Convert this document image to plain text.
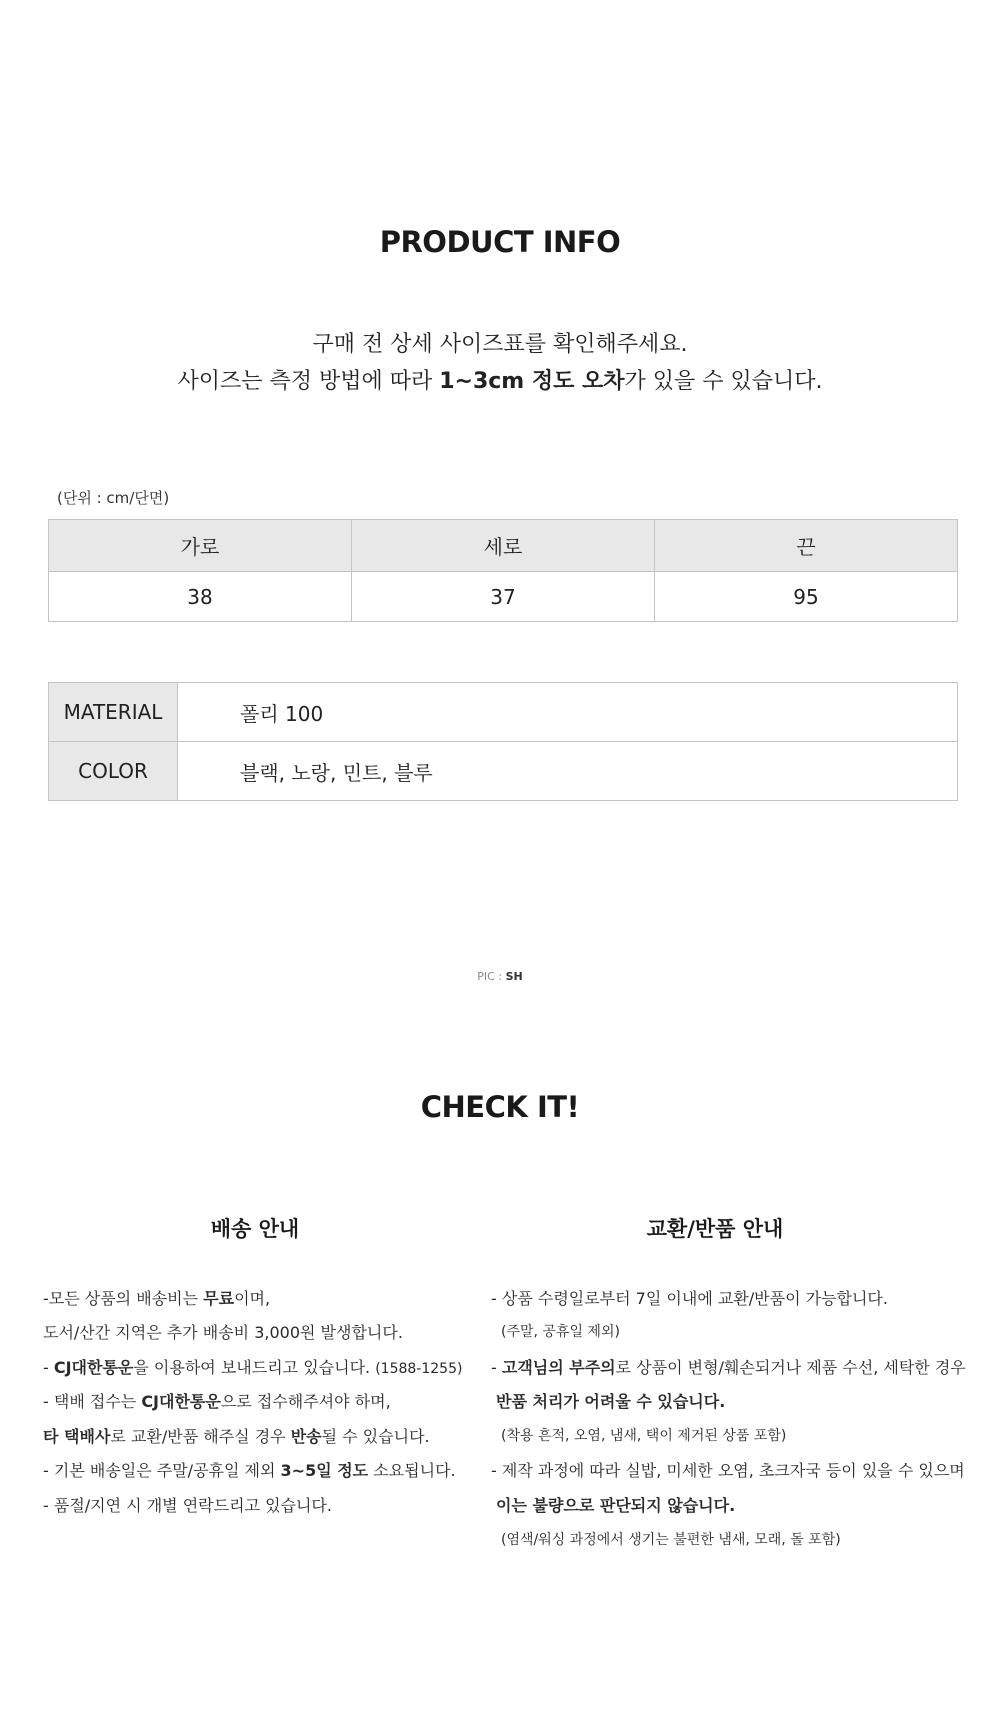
PRODUCT INFO
구매 전 상세 사이즈표를 확인해주세요.
사이즈는 측정 방법에 따라 1~3cm 정도 오차가 있을 수 있습니다.
(단위 : cm/단면)
가로	세로	끈
38	37	95
MATERIAL	폴리 100
COLOR	블랙, 노랑, 민트, 블루
PIC : SH
CHECK IT!
배송 안내	교환/반품 안내
-모든 상품의 배송비는 무료이며,
도서/산간 지역은 추가 배송비 3,000원 발생합니다.
- CJ대한통운을 이용하여 보내드리고 있습니다. (1588-1255)
- 택배 접수는 CJ대한통운으로 접수해주셔야 하며,
타 택배사로 교환/반품 해주실 경우 반송될 수 있습니다.
- 기본 배송일은 주말/공휴일 제외 3~5일 정도 소요됩니다.
- 품절/지연 시 개별 연락드리고 있습니다.
- 상품 수령일로부터 7일 이내에 교환/반품이 가능합니다.
(주말, 공휴일 제외)
- 고객님의 부주의로 상품이 변형/훼손되거나 제품 수선, 세탁한 경우
반품 처리가 어려울 수 있습니다.
(착용 흔적, 오염, 냄새, 택이 제거된 상품 포함)
- 제작 과정에 따라 실밥, 미세한 오염, 초크자국 등이 있을 수 있으며
이는 불량으로 판단되지 않습니다.
(염색/워싱 과정에서 생기는 불편한 냄새, 모래, 돌 포함)
